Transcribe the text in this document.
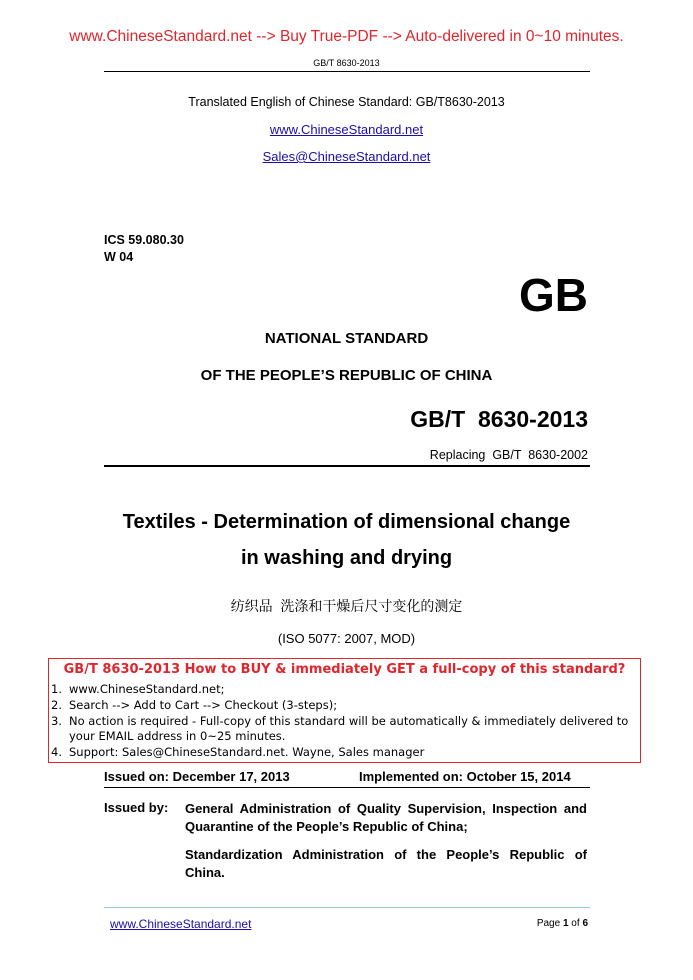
www.ChineseStandard.net --> Buy True-PDF --> Auto-delivered in 0~10 minutes.
GB/T 8630-2013
Translated English of Chinese Standard: GB/T8630-2013
www.ChineseStandard.net
Sales@ChineseStandard.net
ICS 59.080.30
W 04
GB
NATIONAL STANDARD
OF THE PEOPLE’S REPUBLIC OF CHINA
GB/T  8630-2013
Replacing  GB/T  8630-2002
Textiles - Determination of dimensional change
in washing and drying
纺织品  洗涤和干燥后尺寸变化的测定
(ISO 5077: 2007, MOD)
GB/T 8630-2013 How to BUY & immediately GET a full-copy of this standard?
1. www.ChineseStandard.net;
2. Search --> Add to Cart --> Checkout (3-steps);
3. No action is required - Full-copy of this standard will be automatically & immediately delivered to your EMAIL address in 0~25 minutes.
4. Support: Sales@ChineseStandard.net. Wayne, Sales manager
Issued on: December 17, 2013	Implemented on: October 15, 2014
Issued by: General Administration of Quality Supervision, Inspection and Quarantine of the People’s Republic of China;
Standardization Administration of the People’s Republic of China.
www.ChineseStandard.net	Page 1 of 6
